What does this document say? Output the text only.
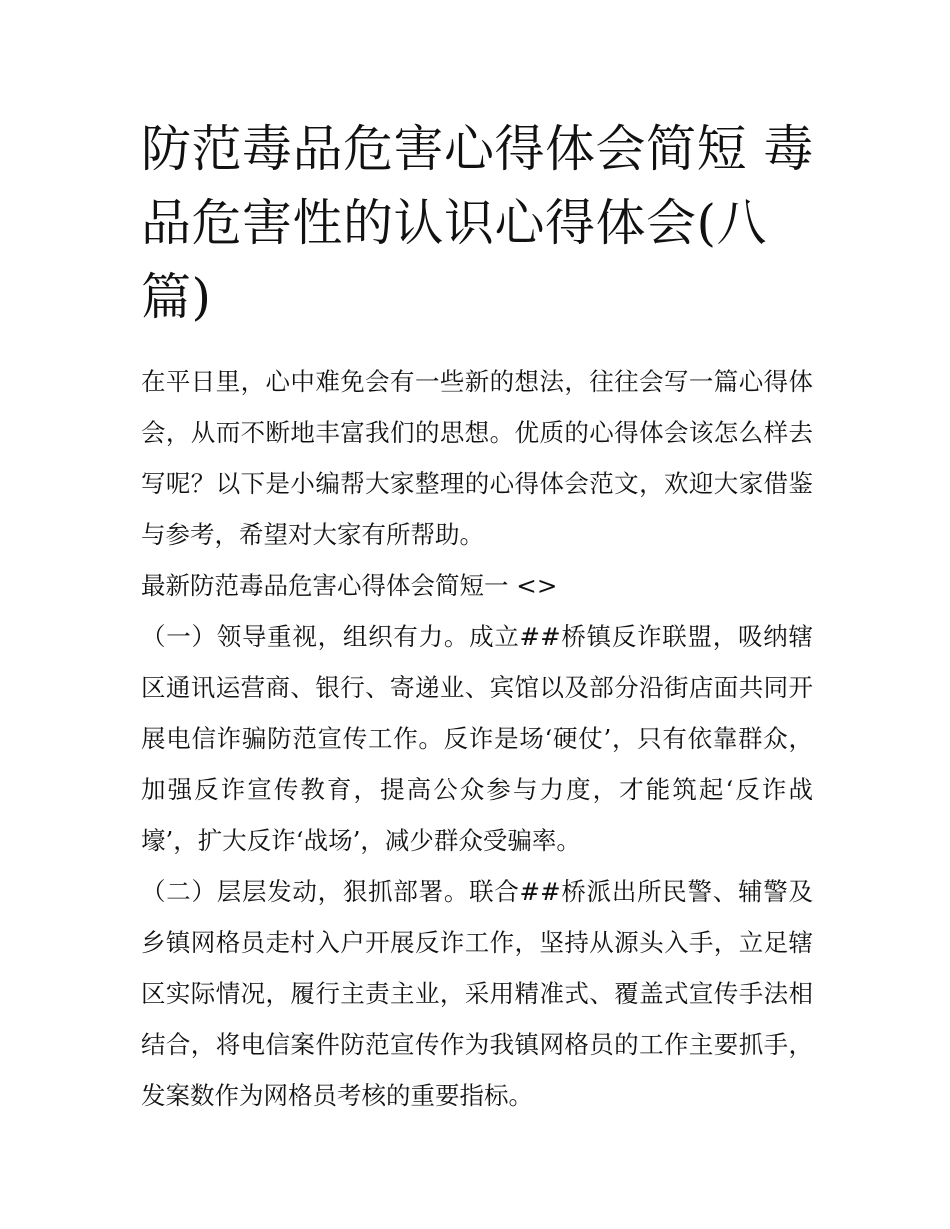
防范毒品危害心得体会简短 毒品危害性的认识心得体会(八篇)

在平日里，心中难免会有一些新的想法，往往会写一篇心得体会，从而不断地丰富我们的思想。优质的心得体会该怎么样去写呢？以下是小编帮大家整理的心得体会范文，欢迎大家借鉴与参考，希望对大家有所帮助。

最新防范毒品危害心得体会简短一 <>

（一）领导重视，组织有力。成立##桥镇反诈联盟，吸纳辖区通讯运营商、银行、寄递业、宾馆以及部分沿街店面共同开展电信诈骗防范宣传工作。反诈是场‘硬仗’，只有依靠群众，加强反诈宣传教育，提高公众参与力度，才能筑起‘反诈战壕’，扩大反诈‘战场’，减少群众受骗率。

（二）层层发动，狠抓部署。联合##桥派出所民警、辅警及乡镇网格员走村入户开展反诈工作，坚持从源头入手，立足辖区实际情况，履行主责主业，采用精准式、覆盖式宣传手法相结合，将电信案件防范宣传作为我镇网格员的工作主要抓手，发案数作为网格员考核的重要指标。
